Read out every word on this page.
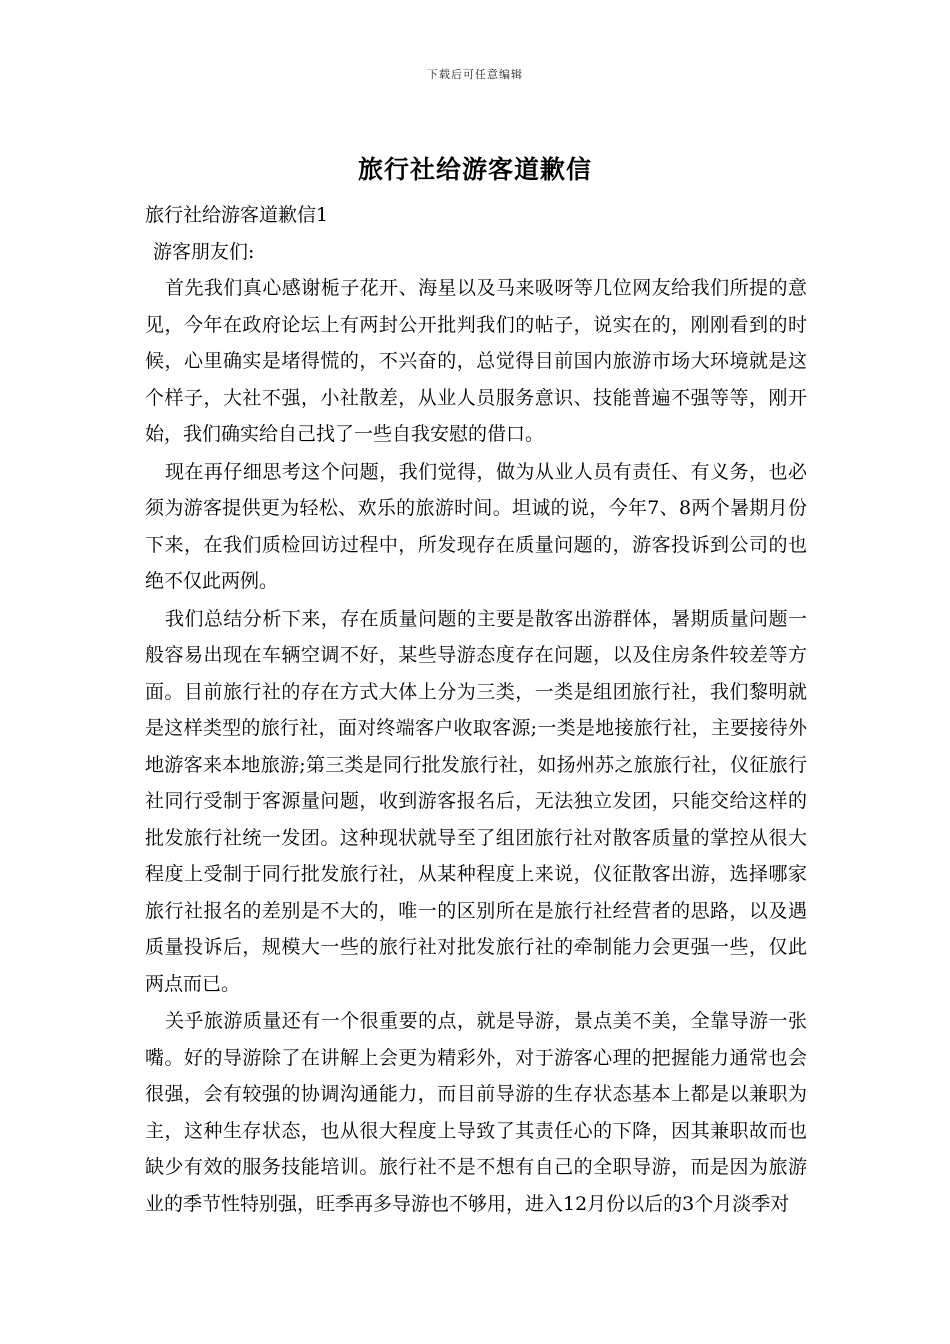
下载后可任意编辑
旅行社给游客道歉信

旅行社给游客道歉信1

游客朋友们:

首先我们真心感谢栀子花开、海星以及马来吸呀等几位网友给我们所提的意见，今年在政府论坛上有两封公开批判我们的帖子，说实在的，刚刚看到的时候，心里确实是堵得慌的，不兴奋的，总觉得目前国内旅游市场大环境就是这个样子，大社不强，小社散差，从业人员服务意识、技能普遍不强等等，刚开始，我们确实给自己找了一些自我安慰的借口。

现在再仔细思考这个问题，我们觉得，做为从业人员有责任、有义务，也必须为游客提供更为轻松、欢乐的旅游时间。坦诚的说，今年7、8两个暑期月份下来，在我们质检回访过程中，所发现存在质量问题的，游客投诉到公司的也绝不仅此两例。

我们总结分析下来，存在质量问题的主要是散客出游群体，暑期质量问题一般容易出现在车辆空调不好，某些导游态度存在问题，以及住房条件较差等方面。目前旅行社的存在方式大体上分为三类，一类是组团旅行社，我们黎明就是这样类型的旅行社，面对终端客户收取客源;一类是地接旅行社，主要接待外地游客来本地旅游;第三类是同行批发旅行社，如扬州苏之旅旅行社，仪征旅行社同行受制于客源量问题，收到游客报名后，无法独立发团，只能交给这样的批发旅行社统一发团。这种现状就导至了组团旅行社对散客质量的掌控从很大程度上受制于同行批发旅行社，从某种程度上来说，仪征散客出游，选择哪家旅行社报名的差别是不大的，唯一的区别所在是旅行社经营者的思路，以及遇质量投诉后，规模大一些的旅行社对批发旅行社的牵制能力会更强一些，仅此两点而已。

关乎旅游质量还有一个很重要的点，就是导游，景点美不美，全靠导游一张嘴。好的导游除了在讲解上会更为精彩外，对于游客心理的把握能力通常也会很强，会有较强的协调沟通能力，而目前导游的生存状态基本上都是以兼职为主，这种生存状态，也从很大程度上导致了其责任心的下降，因其兼职故而也缺少有效的服务技能培训。旅行社不是不想有自己的全职导游，而是因为旅游业的季节性特别强，旺季再多导游也不够用，进入12月份以后的3个月淡季对
